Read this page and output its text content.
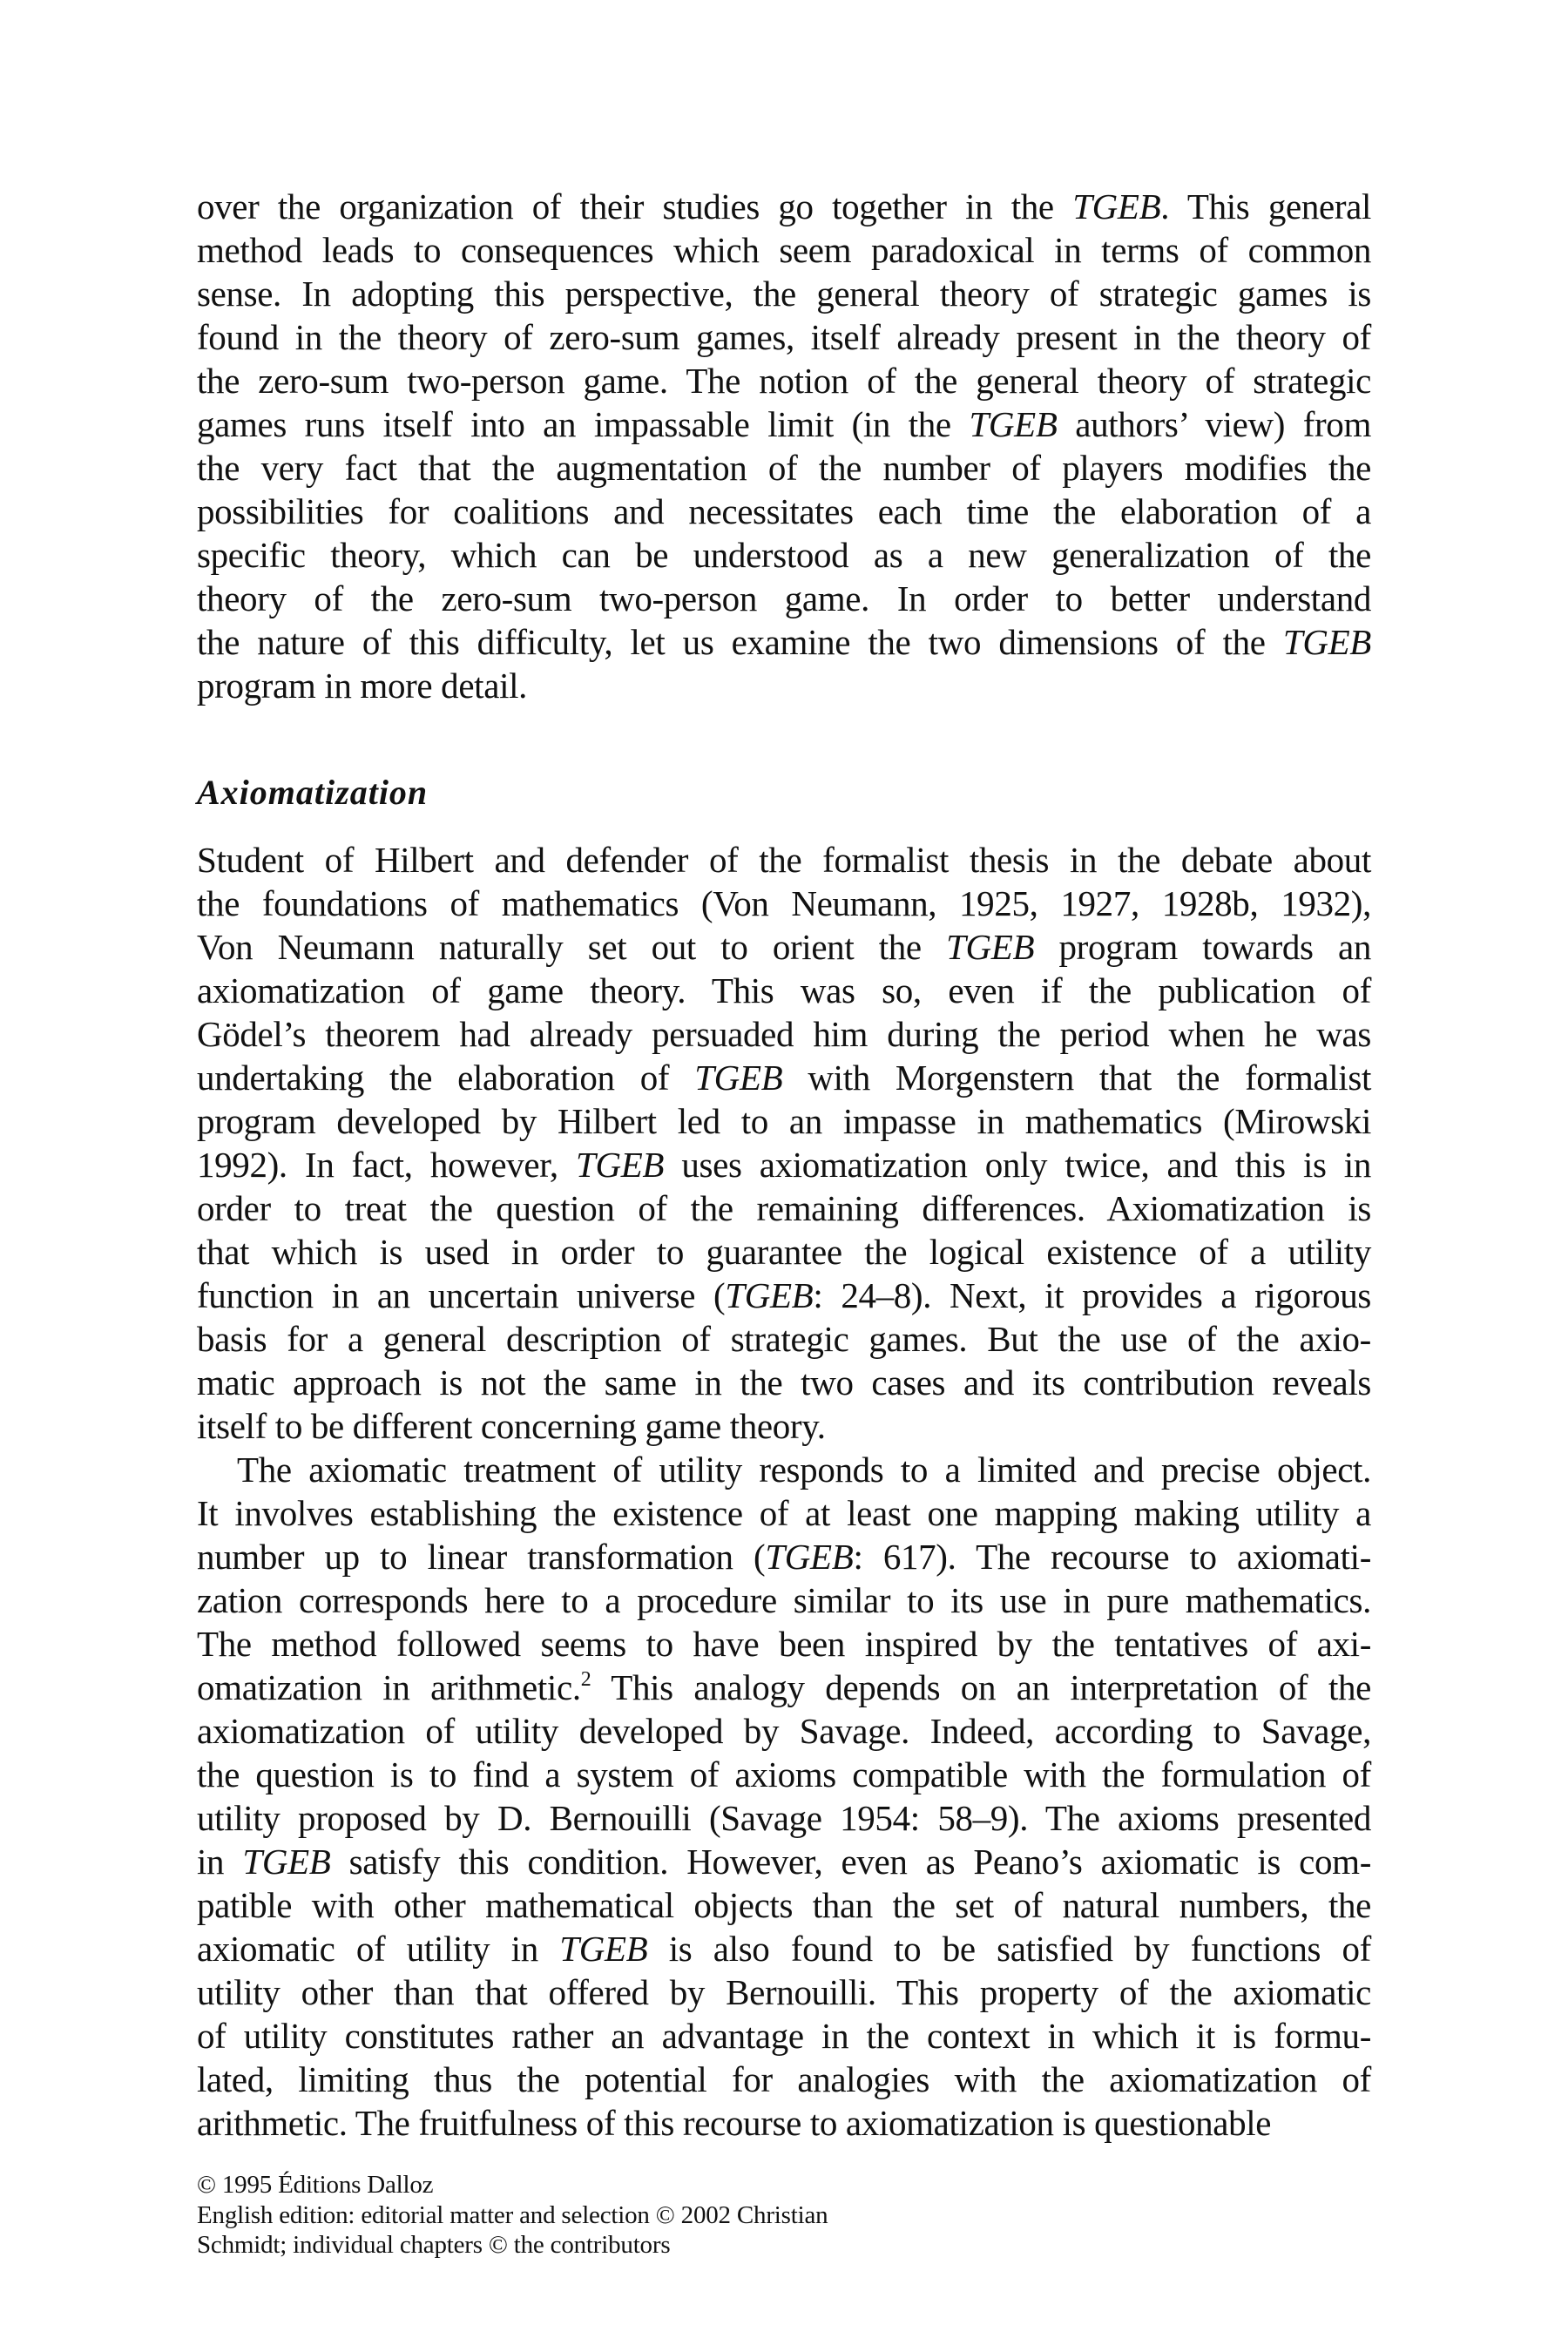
over the organization of their studies go together in the TGEB. This general
method leads to consequences which seem paradoxical in terms of common
sense. In adopting this perspective, the general theory of strategic games is
found in the theory of zero-sum games, itself already present in the theory of
the zero-sum two-person game. The notion of the general theory of strategic
games runs itself into an impassable limit (in the TGEB authors’ view) from
the very fact that the augmentation of the number of players modifies the
possibilities for coalitions and necessitates each time the elaboration of a
specific theory, which can be understood as a new generalization of the
theory of the zero-sum two-person game. In order to better understand
the nature of this difficulty, let us examine the two dimensions of the TGEB
program in more detail.
Axiomatization
Student of Hilbert and defender of the formalist thesis in the debate about
the foundations of mathematics (Von Neumann, 1925, 1927, 1928b, 1932),
Von Neumann naturally set out to orient the TGEB program towards an
axiomatization of game theory. This was so, even if the publication of
Gödel’s theorem had already persuaded him during the period when he was
undertaking the elaboration of TGEB with Morgenstern that the formalist
program developed by Hilbert led to an impasse in mathematics (Mirowski
1992). In fact, however, TGEB uses axiomatization only twice, and this is in
order to treat the question of the remaining differences. Axiomatization is
that which is used in order to guarantee the logical existence of a utility
function in an uncertain universe (TGEB: 24–8). Next, it provides a rigorous
basis for a general description of strategic games. But the use of the axio-
matic approach is not the same in the two cases and its contribution reveals
itself to be different concerning game theory.
The axiomatic treatment of utility responds to a limited and precise object.
It involves establishing the existence of at least one mapping making utility a
number up to linear transformation (TGEB: 617). The recourse to axiomati-
zation corresponds here to a procedure similar to its use in pure mathematics.
The method followed seems to have been inspired by the tentatives of axi-
omatization in arithmetic.$^2$ This analogy depends on an interpretation of the
axiomatization of utility developed by Savage. Indeed, according to Savage,
the question is to find a system of axioms compatible with the formulation of
utility proposed by D. Bernouilli (Savage 1954: 58–9). The axioms presented
in TGEB satisfy this condition. However, even as Peano’s axiomatic is com-
patible with other mathematical objects than the set of natural numbers, the
axiomatic of utility in TGEB is also found to be satisfied by functions of
utility other than that offered by Bernouilli. This property of the axiomatic
of utility constitutes rather an advantage in the context in which it is formu-
lated, limiting thus the potential for analogies with the axiomatization of
arithmetic. The fruitfulness of this recourse to axiomatization is questionable
© 1995 Éditions Dalloz
English edition: editorial matter and selection © 2002 Christian
Schmidt; individual chapters © the contributors
